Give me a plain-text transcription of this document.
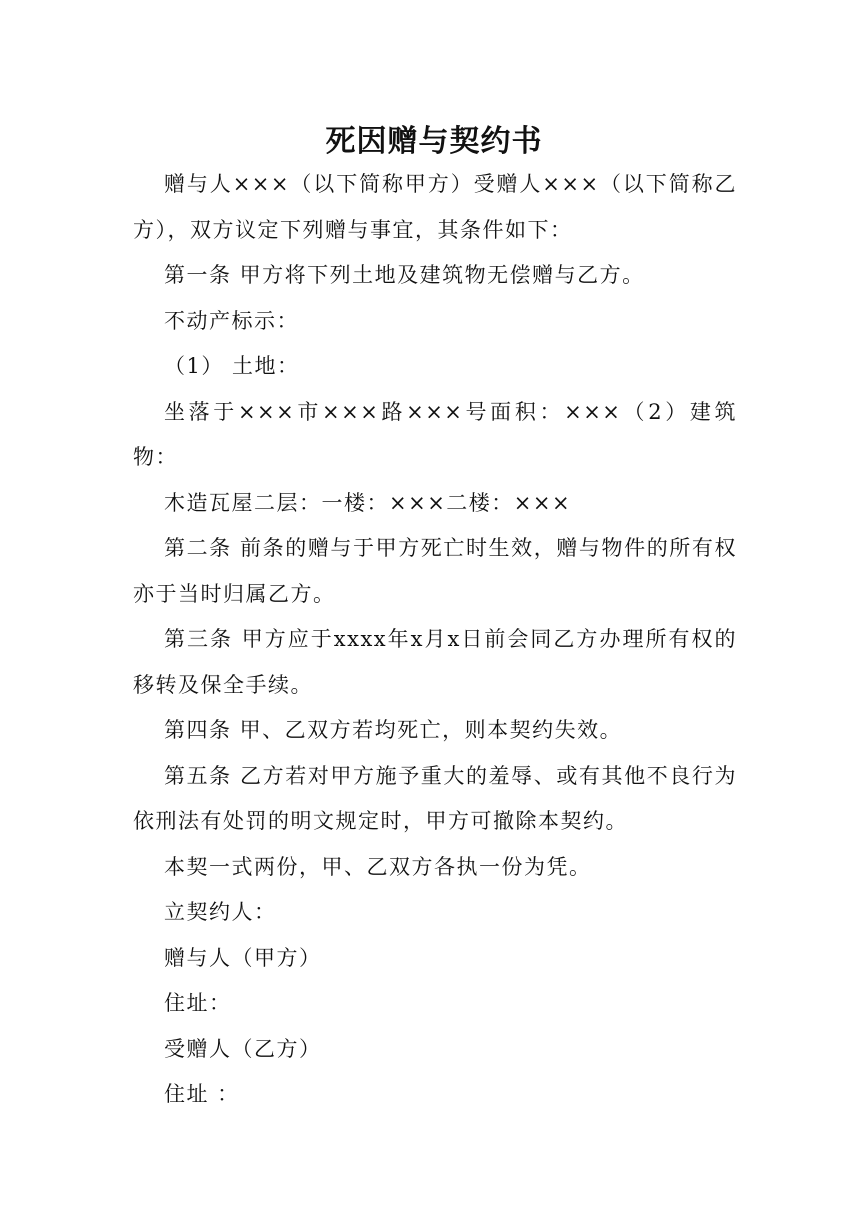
死因赠与契约书

赠与人×××（以下简称甲方）受赠人×××（以下简称乙方），双方议定下列赠与事宜，其条件如下：

第一条 甲方将下列土地及建筑物无偿赠与乙方。

不动产标示：

（1） 土地：

坐落于×××市×××路×××号面积：×××（2）建筑物：

木造瓦屋二层：一楼：×××二楼：×××

第二条 前条的赠与于甲方死亡时生效，赠与物件的所有权亦于当时归属乙方。

第三条 甲方应于xxxx年x月x日前会同乙方办理所有权的移转及保全手续。

第四条 甲、乙双方若均死亡，则本契约失效。

第五条 乙方若对甲方施予重大的羞辱、或有其他不良行为依刑法有处罚的明文规定时，甲方可撤除本契约。

本契一式两份，甲、乙双方各执一份为凭。

立契约人：

赠与人（甲方）

住址：

受赠人（乙方）

住址 ：
